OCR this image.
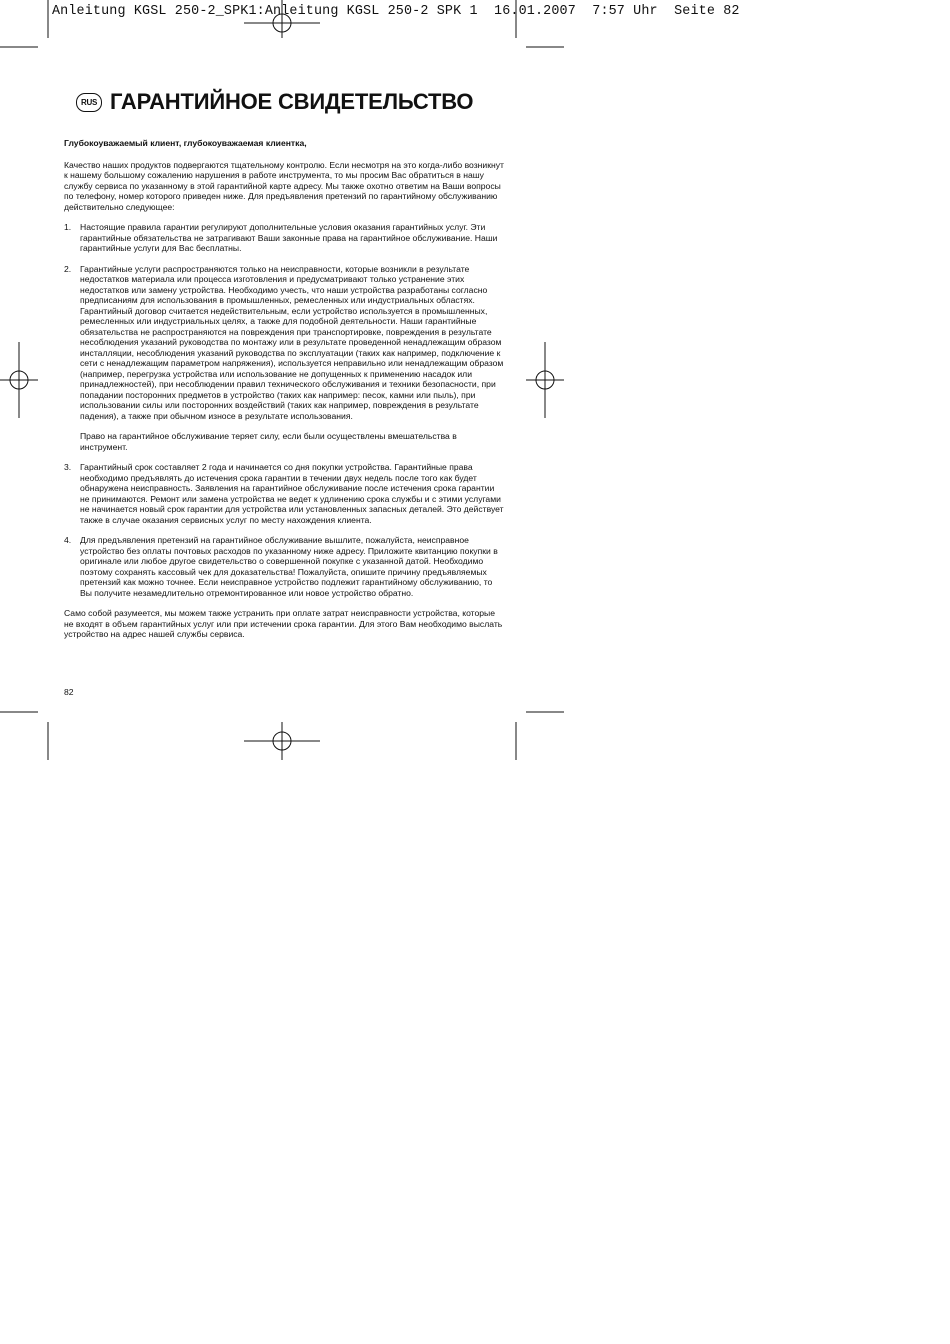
Anleitung KGSL 250-2_SPK1:Anleitung KGSL 250-2 SPK 1  16.01.2007  7:57 Uhr  Seite 82
RUS ГАРАНТИЙНОЕ СВИДЕТЕЛЬСТВО

Глубокоуважаемый клиент, глубокоуважаемая клиентка,

Качество наших продуктов подвергаются тщательному контролю. Если несмотря на это когда-либо возникнут к нашему большому сожалению нарушения в работе инструмента, то мы просим Вас обратиться в нашу службу сервиса по указанному в этой гарантийной карте адресу. Мы также охотно ответим на Ваши вопросы по телефону, номер которого приведен ниже. Для предъявления претензий по гарантийному обслуживанию действительно следующее:

1.	Настоящие правила гарантии регулируют дополнительные условия оказания гарантийных услуг. Эти гарантийные обязательства не затрагивают Ваши законные права на гарантийное обслуживание. Наши гарантийные услуги для Вас бесплатны.

2.	Гарантийные услуги распространяются только на неисправности, которые возникли в результате недостатков материала или процесса изготовления и предусматривают только устранение этих недостатков или замену устройства. Необходимо учесть, что наши устройства разработаны согласно предписаниям для использования в промышленных, ремесленных или индустриальных областях. Гарантийный договор считается недействительным, если устройство используется в промышленных, ремесленных или индустриальных целях, а также для подобной деятельности. Наши гарантийные обязательства не распространяются на повреждения при транспортировке, повреждения в результате несоблюдения указаний руководства по монтажу или в результате проведенной ненадлежащим образом инсталляции, несоблюдения указаний руководства по эксплуатации (таких как например, подключение к сети с ненадлежащим параметром напряжения), используется неправильно или ненадлежащим образом (например, перегрузка устройства или использование не допущенных к применению насадок или принадлежностей), при несоблюдении правил технического обслуживания и техники безопасности, при попадании посторонних предметов в устройство (таких как например: песок, камни или пыль), при использовании силы или посторонних воздействий (таких как например, повреждения в результате падения), а также при обычном износе в результате использования.

Право на гарантийное обслуживание теряет силу, если были осуществлены вмешательства в инструмент.

3.	Гарантийный срок составляет 2 года и начинается со дня покупки устройства. Гарантийные права необходимо предъявлять до истечения срока гарантии в течении двух недель после того как будет обнаружена неисправность. Заявления на гарантийное обслуживание после истечения срока гарантии не принимаются. Ремонт или замена устройства не ведет к удлинению срока службы и с этими услугами не начинается новый срок гарантии для устройства или установленных запасных деталей. Это действует также в случае оказания сервисных услуг по месту нахождения клиента.

4.	Для предъявления претензий на гарантийное обслуживание вышлите, пожалуйста, неисправное устройство без оплаты почтовых расходов по указанному ниже адресу. Приложите квитанцию покупки в оригинале или любое другое свидетельство о совершенной покупке с указанной датой. Необходимо поэтому сохранять кассовый чек для доказательства! Пожалуйста, опишите причину предъявляемых претензий как можно точнее. Если неисправное устройство подлежит гарантийному обслуживанию, то Вы получите незамедлительно отремонтированное или новое устройство обратно.

Само собой разумеется, мы можем также устранить при оплате затрат неисправности устройства, которые не входят в объем гарантийных услуг или при истечении срока гарантии. Для этого Вам необходимо выслать устройство на адрес нашей службы сервиса.

82
